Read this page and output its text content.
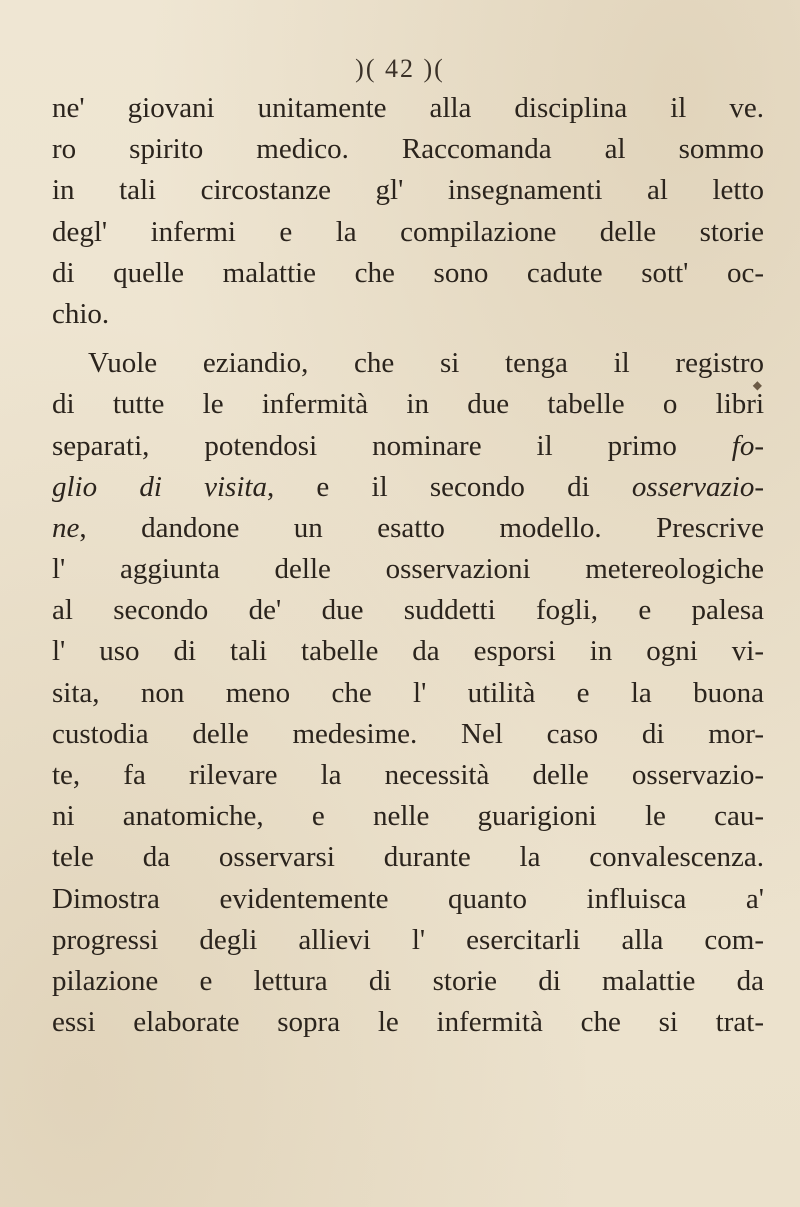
)( 42 )(
ne' giovani unitamente alla disciplina il ve.
ro spirito medico. Raccomanda al sommo
in tali circostanze gl' insegnamenti al letto
degl' infermi e la compilazione delle storie
di quelle malattie che sono cadute sott' oc-
chio.
Vuole eziandio, che si tenga il registro
di tutte le infermità in due tabelle o libri
separati, potendosi nominare il primo fo-
glio di visita, e il secondo di osservazio-
ne, dandone un esatto modello. Prescrive
l' aggiunta delle osservazioni metereologiche
al secondo de' due suddetti fogli, e palesa
l' uso di tali tabelle da esporsi in ogni vi-
sita, non meno che l' utilità e la buona
custodia delle medesime. Nel caso di mor-
te, fa rilevare la necessità delle osservazio-
ni anatomiche, e nelle guarigioni le cau-
tele da osservarsi durante la convalescenza.
Dimostra evidentemente quanto influisca a'
progressi degli allievi l' esercitarli alla com-
pilazione e lettura di storie di malattie da
essi elaborate sopra le infermità che si trat-
◆
